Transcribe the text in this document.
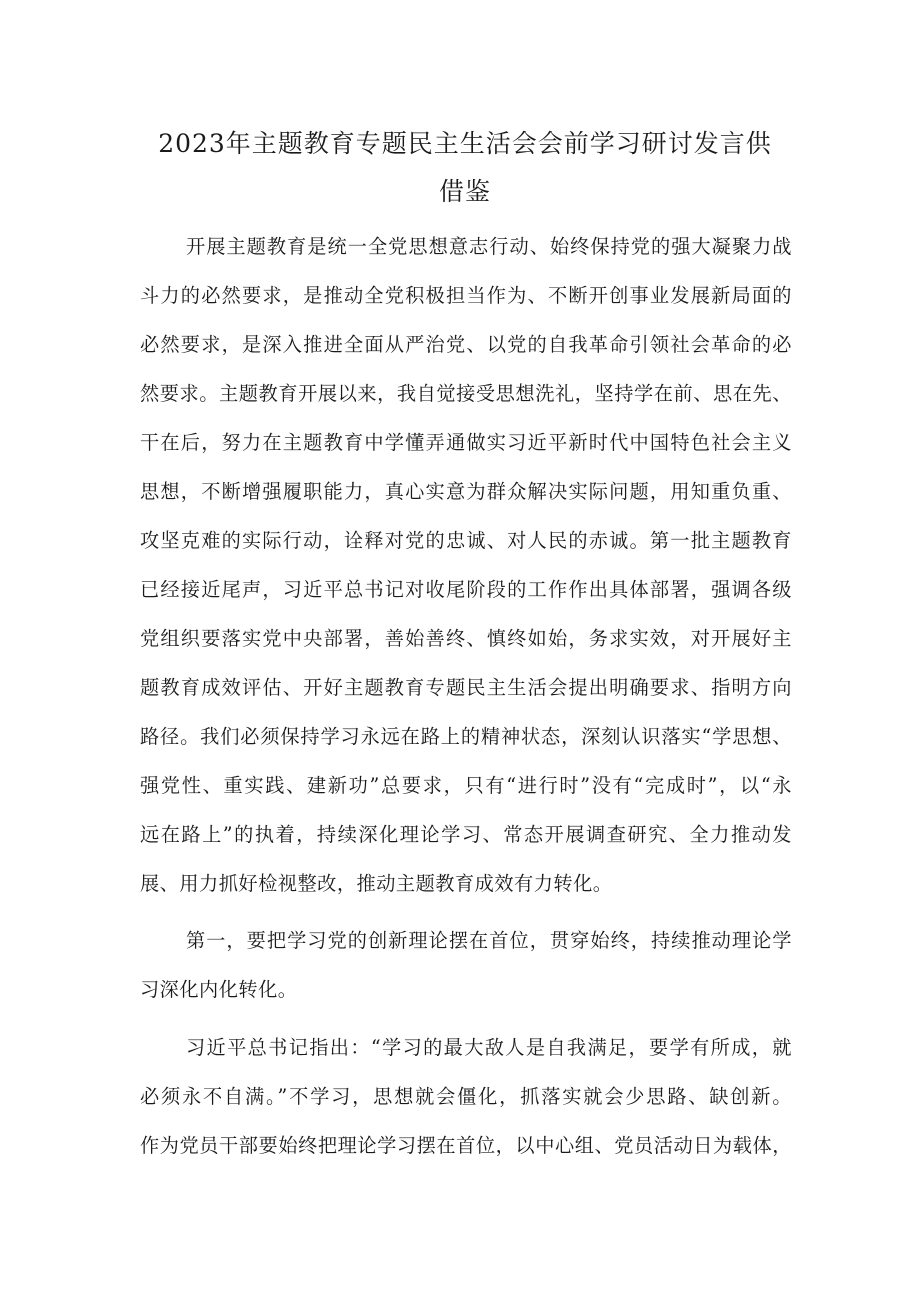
2023年主题教育专题民主生活会会前学习研讨发言供
借鉴
开展主题教育是统一全党思想意志行动、始终保持党的强大凝聚力战
斗力的必然要求，是推动全党积极担当作为、不断开创事业发展新局面的
必然要求，是深入推进全面从严治党、以党的自我革命引领社会革命的必
然要求。主题教育开展以来，我自觉接受思想洗礼，坚持学在前、思在先、
干在后，努力在主题教育中学懂弄通做实习近平新时代中国特色社会主义
思想，不断增强履职能力，真心实意为群众解决实际问题，用知重负重、
攻坚克难的实际行动，诠释对党的忠诚、对人民的赤诚。第一批主题教育
已经接近尾声，习近平总书记对收尾阶段的工作作出具体部署，强调各级
党组织要落实党中央部署，善始善终、慎终如始，务求实效，对开展好主
题教育成效评估、开好主题教育专题民主生活会提出明确要求、指明方向
路径。我们必须保持学习永远在路上的精神状态，深刻认识落实“学思想、
强党性、重实践、建新功”总要求，只有“进行时”没有“完成时”，以“永
远在路上”的执着，持续深化理论学习、常态开展调查研究、全力推动发
展、用力抓好检视整改，推动主题教育成效有力转化。
第一，要把学习党的创新理论摆在首位，贯穿始终，持续推动理论学
习深化内化转化。
习近平总书记指出：“学习的最大敌人是自我满足，要学有所成，就
必须永不自满。”不学习，思想就会僵化，抓落实就会少思路、缺创新。
作为党员干部要始终把理论学习摆在首位，以中心组、党员活动日为载体，
